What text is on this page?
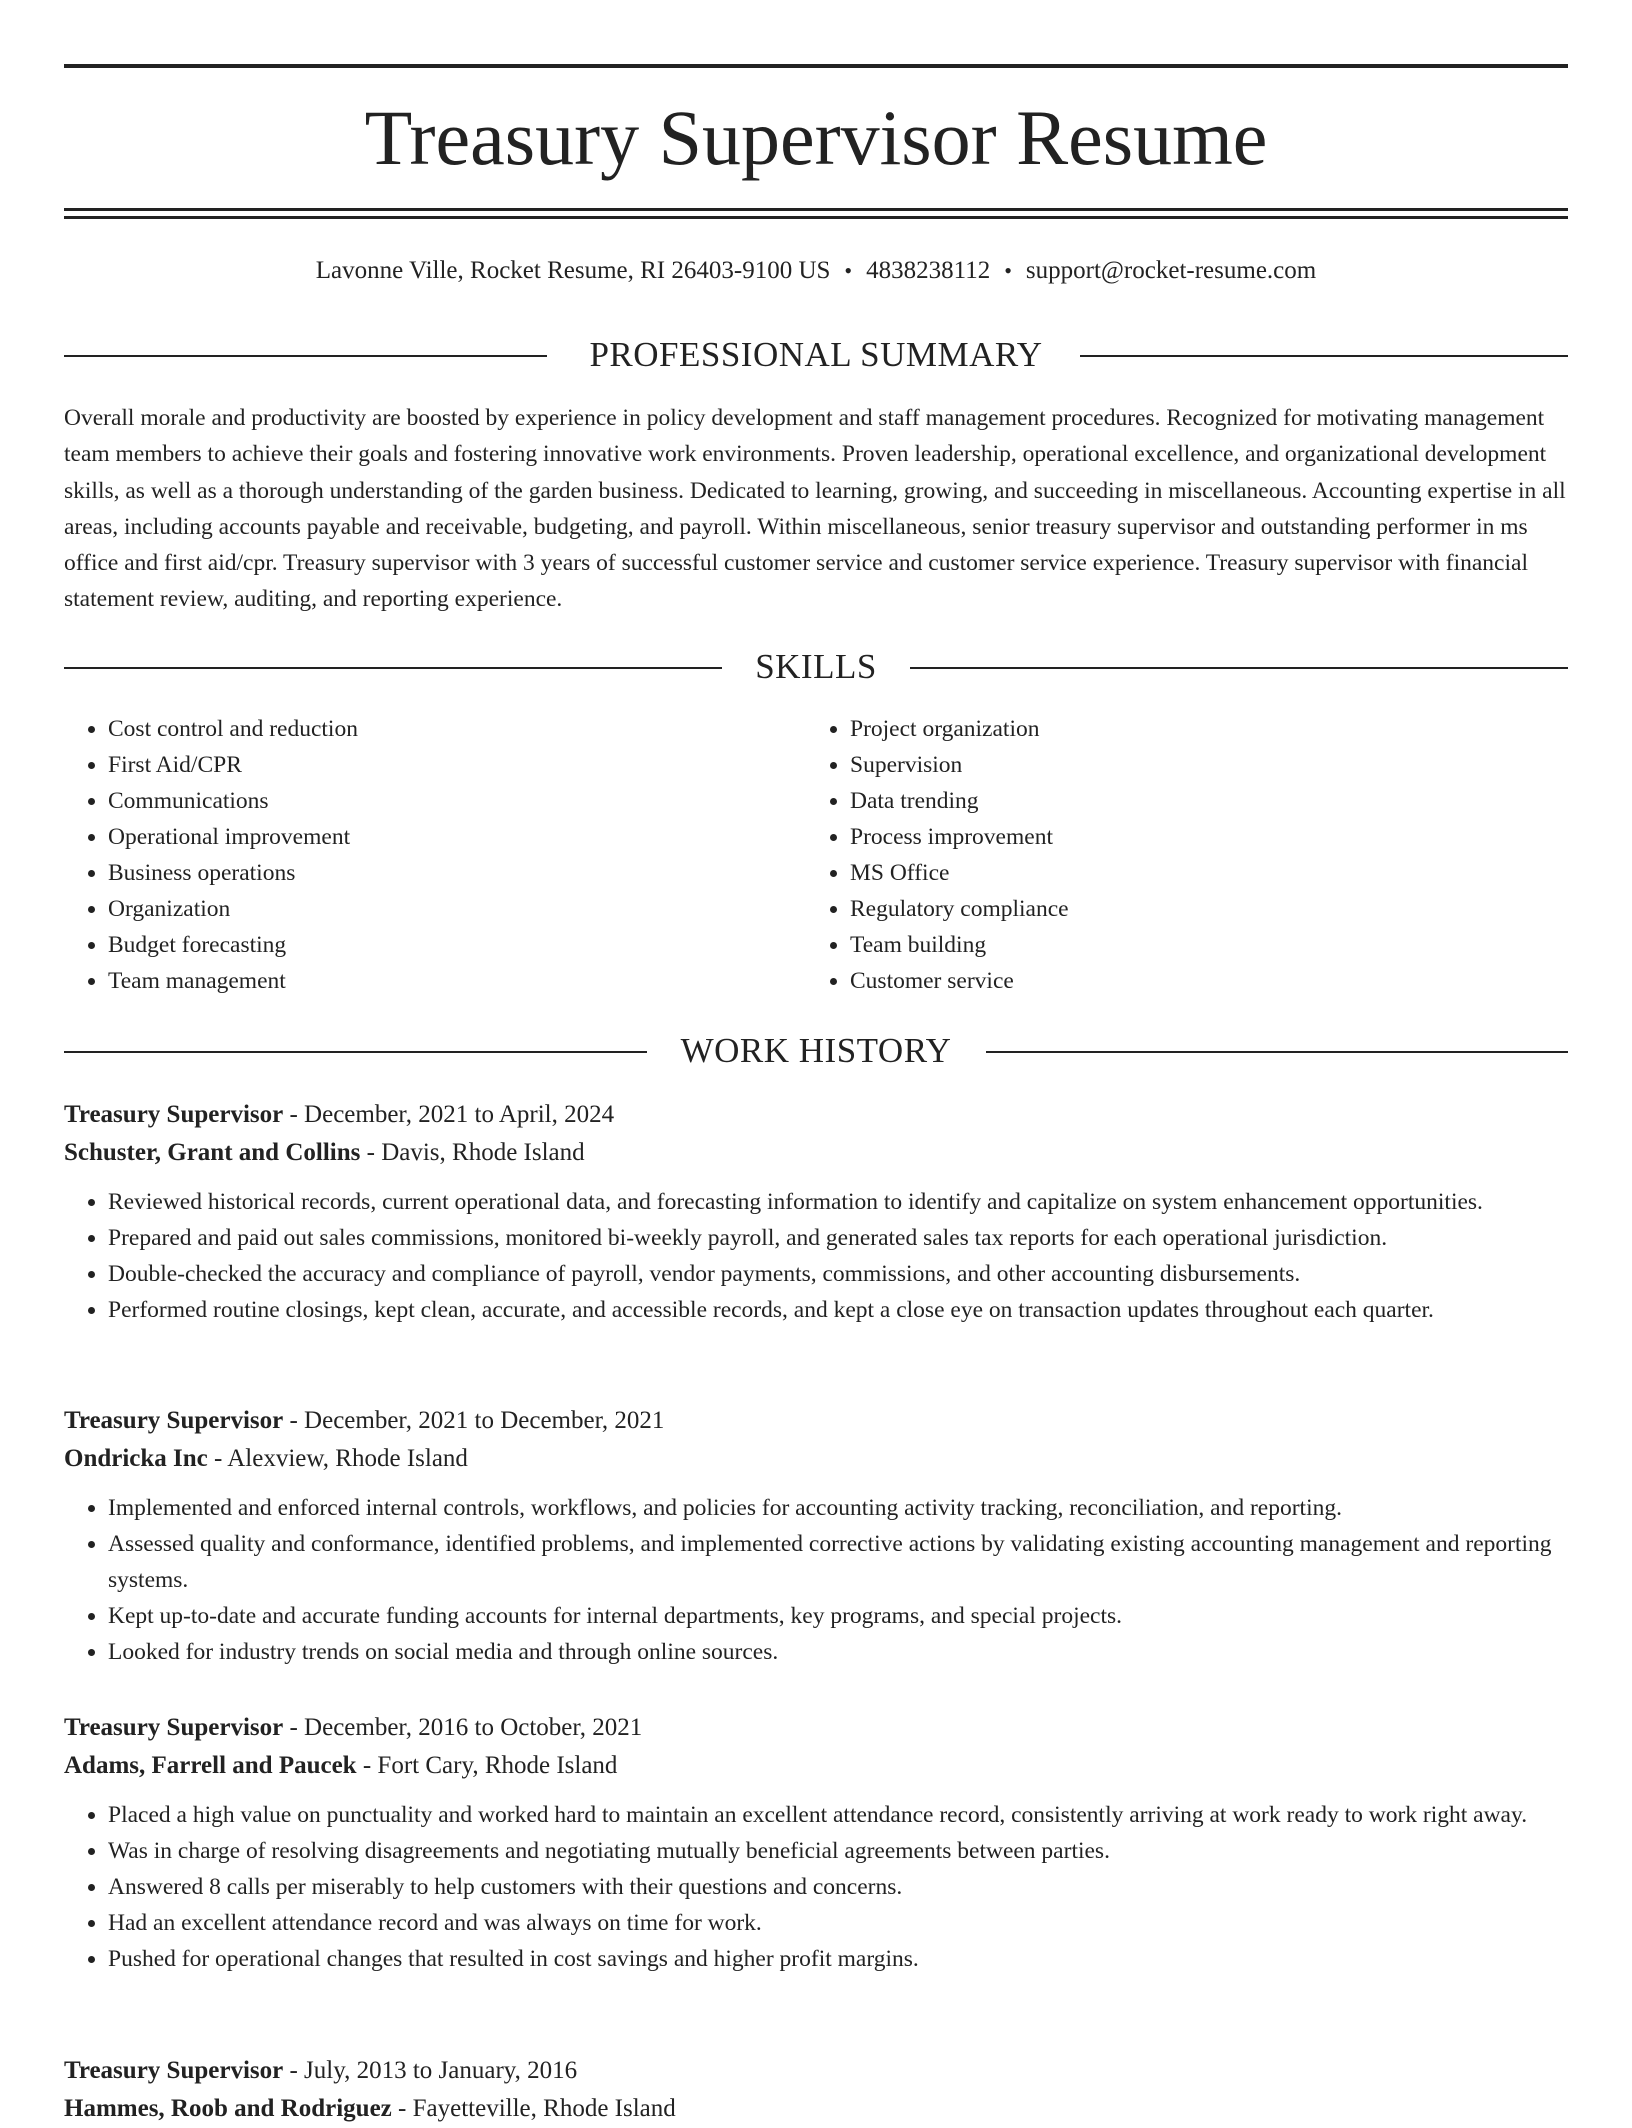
Treasury Supervisor Resume
Lavonne Ville, Rocket Resume, RI 26403-9100 US • 4838238112 • support@rocket-resume.com
PROFESSIONAL SUMMARY

Overall morale and productivity are boosted by experience in policy development and staff management procedures. Recognized for motivating management team members to achieve their goals and fostering innovative work environments. Proven leadership, operational excellence, and organizational development skills, as well as a thorough understanding of the garden business. Dedicated to learning, growing, and succeeding in miscellaneous. Accounting expertise in all areas, including accounts payable and receivable, budgeting, and payroll. Within miscellaneous, senior treasury supervisor and outstanding performer in ms office and first aid/cpr. Treasury supervisor with 3 years of successful customer service and customer service experience. Treasury supervisor with financial statement review, auditing, and reporting experience.

SKILLS
• Cost control and reduction
• First Aid/CPR
• Communications
• Operational improvement
• Business operations
• Organization
• Budget forecasting
• Team management
• Project organization
• Supervision
• Data trending
• Process improvement
• MS Office
• Regulatory compliance
• Team building
• Customer service
WORK HISTORY

Treasury Supervisor - December, 2021 to April, 2024

Schuster, Grant and Collins - Davis, Rhode Island

• Reviewed historical records, current operational data, and forecasting information to identify and capitalize on system enhancement opportunities.
• Prepared and paid out sales commissions, monitored bi-weekly payroll, and generated sales tax reports for each operational jurisdiction.
• Double-checked the accuracy and compliance of payroll, vendor payments, commissions, and other accounting disbursements.
• Performed routine closings, kept clean, accurate, and accessible records, and kept a close eye on transaction updates throughout each quarter.

Treasury Supervisor - December, 2021 to December, 2021

Ondricka Inc - Alexview, Rhode Island

• Implemented and enforced internal controls, workflows, and policies for accounting activity tracking, reconciliation, and reporting.
• Assessed quality and conformance, identified problems, and implemented corrective actions by validating existing accounting management and reporting systems.
• Kept up-to-date and accurate funding accounts for internal departments, key programs, and special projects.
• Looked for industry trends on social media and through online sources.

Treasury Supervisor - December, 2016 to October, 2021

Adams, Farrell and Paucek - Fort Cary, Rhode Island

• Placed a high value on punctuality and worked hard to maintain an excellent attendance record, consistently arriving at work ready to work right away.
• Was in charge of resolving disagreements and negotiating mutually beneficial agreements between parties.
• Answered 8 calls per miserably to help customers with their questions and concerns.
• Had an excellent attendance record and was always on time for work.
• Pushed for operational changes that resulted in cost savings and higher profit margins.

Treasury Supervisor - July, 2013 to January, 2016

Hammes, Roob and Rodriguez - Fayetteville, Rhode Island
